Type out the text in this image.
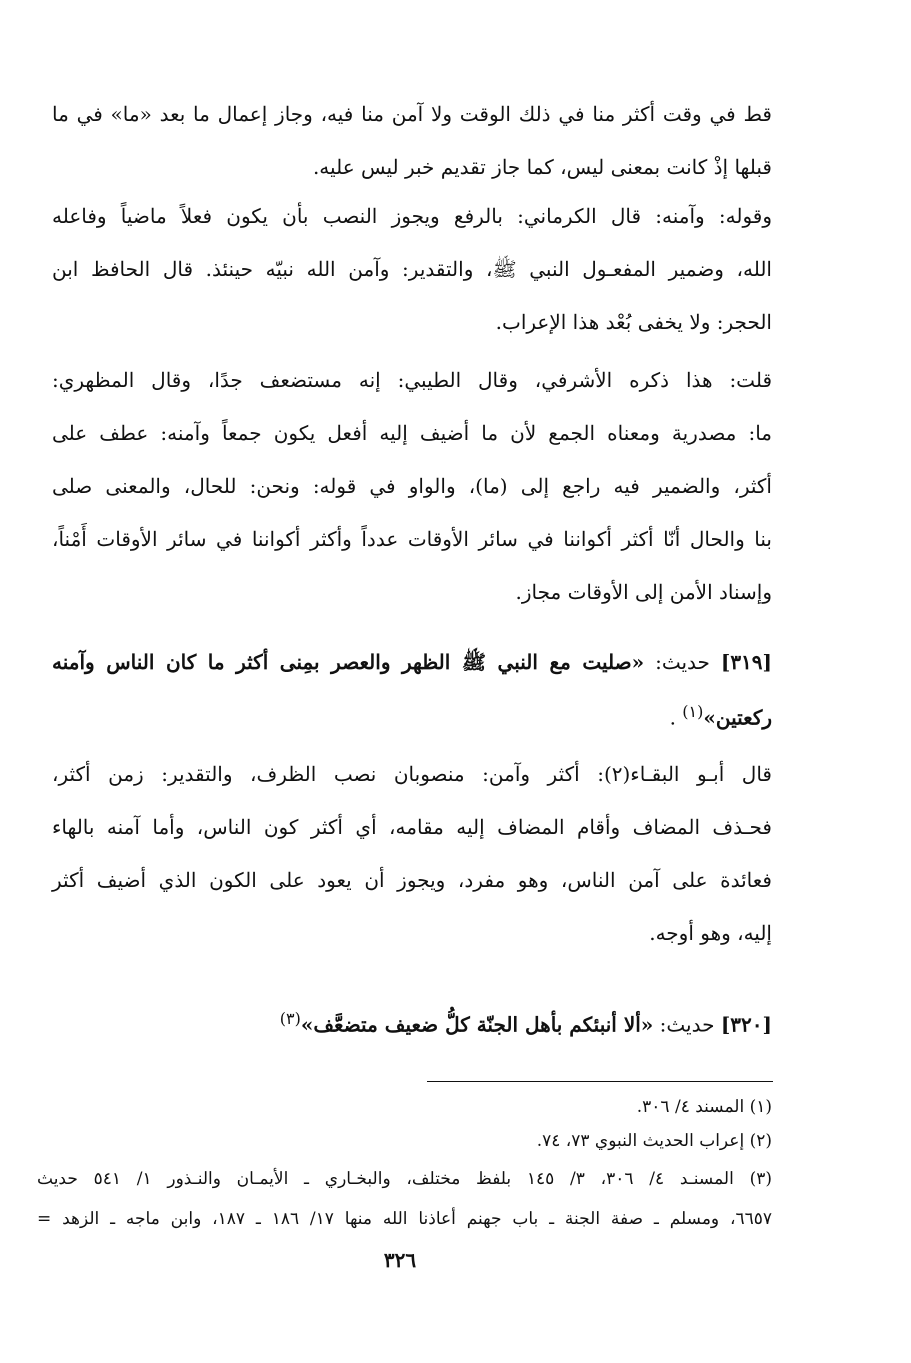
قط في وقت أكثر منا في ذلك الوقت ولا آمن منا فيه، وجاز إعمال ما بعد «ما» في ما
قبلها إذْ كانت بمعنى ليس، كما جاز تقديم خبر ليس عليه.
وقوله: وآمنه: قال الكرماني: بالرفع ويجوز النصب بأن يكون فعلاً ماضياً وفاعله
الله، وضمير المفعـول النبي ﷺ، والتقدير: وآمن الله نبيّه حينئذ. قال الحافظ ابن
الحجر: ولا يخفى بُعْد هذا الإعراب.
قلت: هذا ذكره الأشرفي، وقال الطيبي: إنه مستضعف جدًا، وقال المظهري:
ما: مصدرية ومعناه الجمع لأن ما أضيف إليه أفعل يكون جمعاً وآمنه: عطف على
أكثر، والضمير فيه راجع إلى (ما)، والواو في قوله: ونحن: للحال، والمعنى صلى
بنا والحال أنّا أكثر أكواننا في سائر الأوقات عدداً وأكثر أكواننا في سائر الأوقات أَمْناً،
وإسناد الأمن إلى الأوقات مجاز.
[٣١٩] حديث: «صليت مع النبي ﷺ الظهر والعصر بمِنى أكثر ما كان الناس وآمنه
ركعتين»$^{(١)}$ .
قال أبـو البقـاء(٢): أكثر وآمن: منصوبان نصب الظرف، والتقدير: زمن أكثر،
فحـذف المضاف وأقام المضاف إليه مقامه، أي أكثر كون الناس، وأما آمنه بالهاء
فعائدة على آمن الناس، وهو مفرد، ويجوز أن يعود على الكون الذي أضيف أكثر
إليه، وهو أوجه.
[٣٢٠] حديث: «ألا أنبئكم بأهل الجنّة كلُّ ضعيف متضعَّف»$^{(٣)}$
(١) المسند ٤/ ٣٠٦.
(٢) إعراب الحديث النبوي ٧٣، ٧٤.
(٣) المسنـد ٤/ ٣٠٦، ٣/ ١٤٥ بلفظ مختلف، والبخـاري ـ الأيمـان والنـذور ١/ ٥٤١ حديث
٦٦٥٧، ومسلم ـ صفة الجنة ـ باب جهنم أعاذنا الله منها ١٧/ ١٨٦ ـ ١٨٧، وابن ماجه ـ الزهد =
٣٢٦
